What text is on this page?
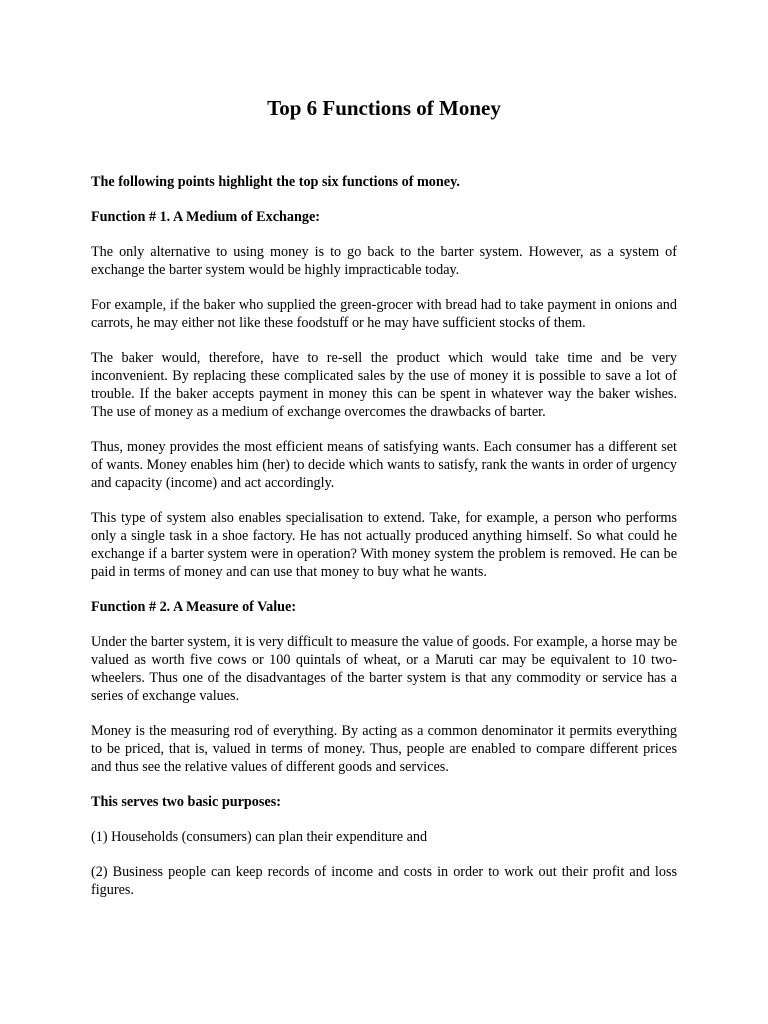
Top 6 Functions of Money

The following points highlight the top six functions of money.

Function # 1. A Medium of Exchange:

The only alternative to using money is to go back to the barter system. However, as a system of exchange the barter system would be highly impracticable today.

For example, if the baker who supplied the green-grocer with bread had to take payment in onions and carrots, he may either not like these foodstuff or he may have sufficient stocks of them.

The baker would, therefore, have to re-sell the product which would take time and be very inconvenient. By replacing these complicated sales by the use of money it is possible to save a lot of trouble. If the baker accepts payment in money this can be spent in whatever way the baker wishes. The use of money as a medium of exchange overcomes the drawbacks of barter.

Thus, money provides the most efficient means of satisfying wants. Each consumer has a different set of wants. Money enables him (her) to decide which wants to satisfy, rank the wants in order of urgency and capacity (income) and act accordingly.

This type of system also enables specialisation to extend. Take, for example, a person who performs only a single task in a shoe factory. He has not actually produced anything himself. So what could he exchange if a barter system were in operation? With money system the problem is removed. He can be paid in terms of money and can use that money to buy what he wants.

Function # 2. A Measure of Value:

Under the barter system, it is very difficult to measure the value of goods. For example, a horse may be valued as worth five cows or 100 quintals of wheat, or a Maruti car may be equivalent to 10 two- wheelers. Thus one of the disadvantages of the barter system is that any commodity or service has a series of exchange values.

Money is the measuring rod of everything. By acting as a common denominator it permits everything to be priced, that is, valued in terms of money. Thus, people are enabled to compare different prices and thus see the relative values of different goods and services.

This serves two basic purposes:

(1) Households (consumers) can plan their expenditure and

(2) Business people can keep records of income and costs in order to work out their profit and loss figures.
